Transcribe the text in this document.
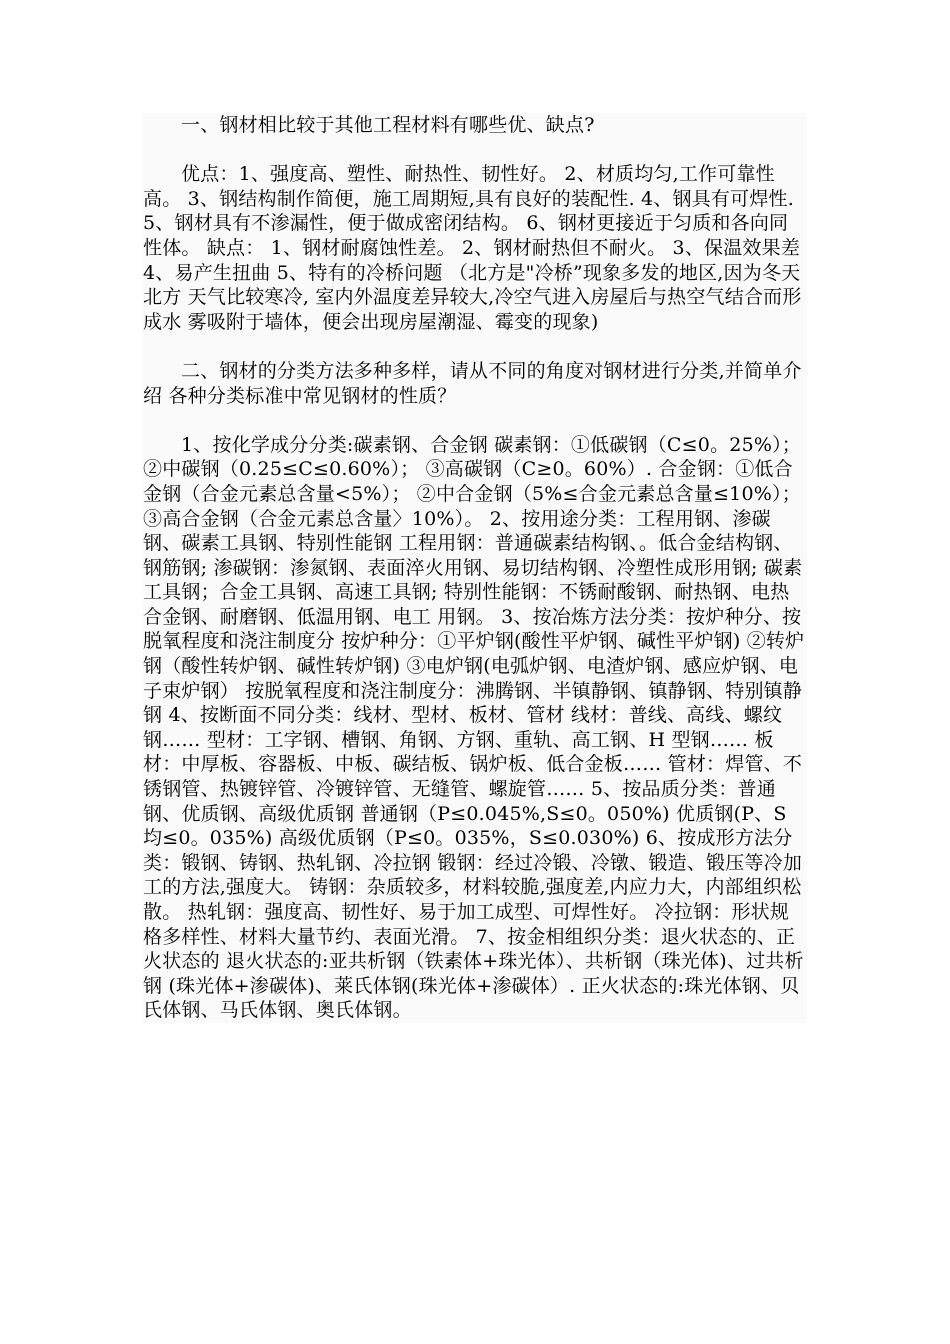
一、钢材相比较于其他工程材料有哪些优、缺点?

优点：1、强度高、塑性、耐热性、韧性好。 2、材质均匀,工作可靠性高。 3、钢结构制作简便，施工周期短,具有良好的装配性. 4、钢具有可焊性. 5、钢材具有不渗漏性，便于做成密闭结构。 6、钢材更接近于匀质和各向同性体。 缺点： 1、钢材耐腐蚀性差。 2、钢材耐热但不耐火。 3、保温效果差 4、易产生扭曲 5、特有的冷桥问题 （北方是"冷桥”现象多发的地区,因为冬天北方 天气比较寒冷, 室内外温度差异较大,冷空气进入房屋后与热空气结合而形成水 雾吸附于墙体，便会出现房屋潮湿、霉变的现象)

二、钢材的分类方法多种多样，请从不同的角度对钢材进行分类,并简单介绍 各种分类标准中常见钢材的性质？

1、按化学成分分类:碳素钢、合金钢 碳素钢：①低碳钢（C≤0。25%）； ②中碳钢（0.25≤C≤0.60%）； ③高碳钢（C≥0。60%）. 合金钢：①低合金钢（合金元素总含量<5%）； ②中合金钢（5%≤合金元素总含量≤10%）； ③高合金钢（合金元素总含量〉10%）。 2、按用途分类：工程用钢、渗碳钢、碳素工具钢、特别性能钢 工程用钢：普通碳素结构钢、。低合金结构钢、钢筋钢; 渗碳钢：渗氮钢、表面淬火用钢、易切结构钢、冷塑性成形用钢; 碳素工具钢；合金工具钢、高速工具钢; 特别性能钢：不锈耐酸钢、耐热钢、电热合金钢、耐磨钢、低温用钢、电工 用钢。 3、按冶炼方法分类：按炉种分、按脱氧程度和浇注制度分 按炉种分：①平炉钢(酸性平炉钢、碱性平炉钢) ②转炉钢（酸性转炉钢、碱性转炉钢) ③电炉钢(电弧炉钢、电渣炉钢、感应炉钢、电子束炉钢） 按脱氧程度和浇注制度分：沸腾钢、半镇静钢、镇静钢、特别镇静钢 4、按断面不同分类：线材、型材、板材、管材 线材：普线、高线、螺纹钢…… 型材：工字钢、槽钢、角钢、方钢、重轨、高工钢、H 型钢…… 板材：中厚板、容器板、中板、碳结板、锅炉板、低合金板…… 管材：焊管、不锈钢管、热镀锌管、冷镀锌管、无缝管、螺旋管…… 5、按品质分类：普通钢、优质钢、高级优质钢 普通钢（P≤0.045%,S≤0。050%) 优质钢(P、S 均≤0。035%) 高级优质钢（P≤0。035%，S≤0.030%) 6、按成形方法分类：锻钢、铸钢、热轧钢、冷拉钢 锻钢：经过冷锻、冷镦、锻造、锻压等冷加工的方法,强度大。 铸钢：杂质较多，材料较脆,强度差,内应力大，内部组织松散。 热轧钢：强度高、韧性好、易于加工成型、可焊性好。 冷拉钢：形状规格多样性、材料大量节约、表面光滑。 7、按金相组织分类：退火状态的、正火状态的 退火状态的:亚共析钢（铁素体+珠光体）、共析钢（珠光体)、过共析钢 (珠光体+渗碳体)、莱氏体钢(珠光体+渗碳体）. 正火状态的:珠光体钢、贝氏体钢、马氏体钢、奥氏体钢。
